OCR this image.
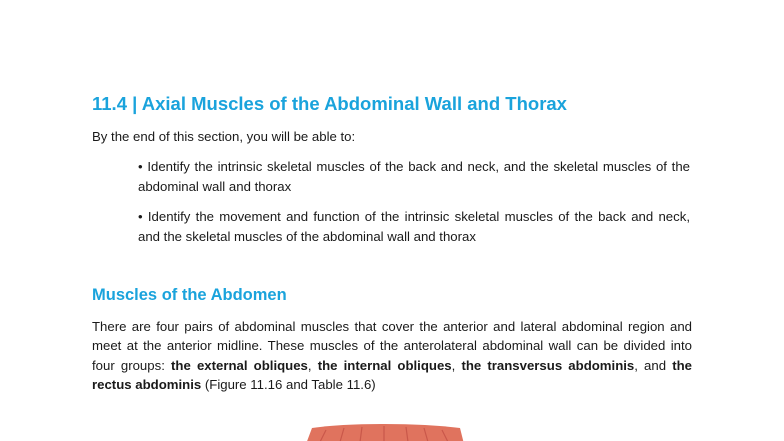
11.4 | Axial Muscles of the Abdominal Wall and Thorax

By the end of this section, you will be able to:

• Identify the intrinsic skeletal muscles of the back and neck, and the skeletal muscles of the abdominal wall and thorax
• Identify the movement and function of the intrinsic skeletal muscles of the back and neck, and the skeletal muscles of the abdominal wall and thorax
Muscles of the Abdomen

There are four pairs of abdominal muscles that cover the anterior and lateral abdominal region and meet at the anterior midline. These muscles of the anterolateral abdominal wall can be divided into four groups: the external obliques, the internal obliques, the transversus abdominis, and the rectus abdominis (Figure 11.16 and Table 11.6)
